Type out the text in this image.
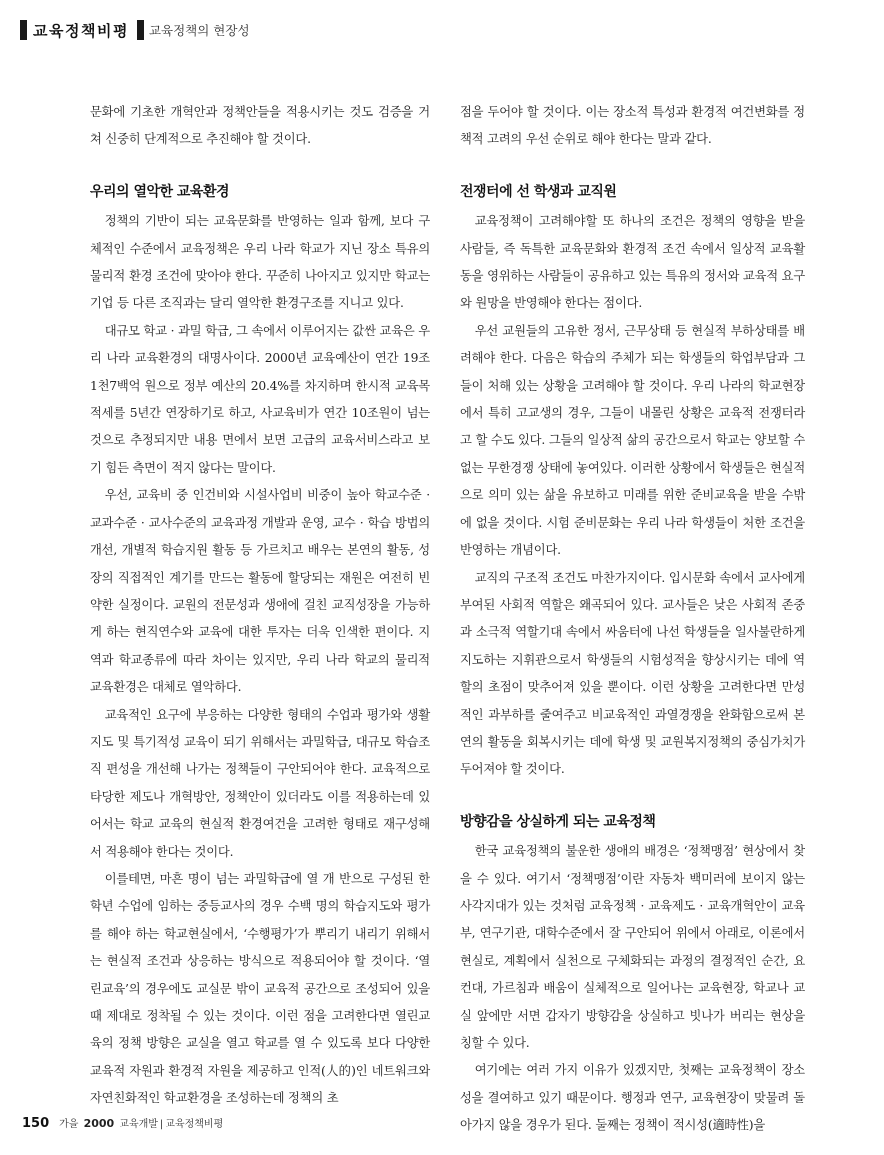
교육정책비평 교육정책의 현장성

문화에 기초한 개혁안과 정책안들을 적용시키는 것도 검증을 거쳐 신중히 단계적으로 추진해야 할 것이다.

우리의 열악한 교육환경

정책의 기반이 되는 교육문화를 반영하는 일과 함께, 보다 구체적인 수준에서 교육정책은 우리 나라 학교가 지닌 장소 특유의 물리적 환경 조건에 맞아야 한다. 꾸준히 나아지고 있지만 학교는 기업 등 다른 조직과는 달리 열악한 환경구조를 지니고 있다.

대규모 학교 · 과밀 학급, 그 속에서 이루어지는 값싼 교육은 우리 나라 교육환경의 대명사이다. 2000년 교육예산이 연간 19조 1천7백억 원으로 정부 예산의 20.4%를 차지하며 한시적 교육목적세를 5년간 연장하기로 하고, 사교육비가 연간 10조원이 넘는 것으로 추정되지만 내용 면에서 보면 고급의 교육서비스라고 보기 힘든 측면이 적지 않다는 말이다.

우선, 교육비 중 인건비와 시설사업비 비중이 높아 학교수준 · 교과수준 · 교사수준의 교육과정 개발과 운영, 교수 · 학습 방법의 개선, 개별적 학습지원 활동 등 가르치고 배우는 본연의 활동, 성장의 직접적인 계기를 만드는 활동에 할당되는 재원은 여전히 빈약한 실정이다. 교원의 전문성과 생애에 걸친 교직성장을 가능하게 하는 현직연수와 교육에 대한 투자는 더욱 인색한 편이다. 지역과 학교종류에 따라 차이는 있지만, 우리 나라 학교의 물리적 교육환경은 대체로 열악하다.

교육적인 요구에 부응하는 다양한 형태의 수업과 평가와 생활지도 및 특기적성 교육이 되기 위해서는 과밀학급, 대규모 학습조직 편성을 개선해 나가는 정책들이 구안되어야 한다. 교육적으로 타당한 제도나 개혁방안, 정책안이 있더라도 이를 적용하는데 있어서는 학교 교육의 현실적 환경여건을 고려한 형태로 재구성해서 적용해야 한다는 것이다.

이를테면, 마흔 명이 넘는 과밀학급에 열 개 반으로 구성된 한 학년 수업에 임하는 중등교사의 경우 수백 명의 학습지도와 평가를 해야 하는 학교현실에서, ‘수행평가’가 뿌리기 내리기 위해서는 현실적 조건과 상응하는 방식으로 적용되어야 할 것이다. ‘열린교육’의 경우에도 교실문 밖이 교육적 공간으로 조성되어 있을 때 제대로 정착될 수 있는 것이다. 이런 점을 고려한다면 열린교육의 정책 방향은 교실을 열고 학교를 열 수 있도록 보다 다양한 교육적 자원과 환경적 자원을 제공하고 인적(人的)인 네트워크와 자연친화적인 학교환경을 조성하는데 정책의 초

점을 두어야 할 것이다. 이는 장소적 특성과 환경적 여건변화를 정책적 고려의 우선 순위로 해야 한다는 말과 같다.

전쟁터에 선 학생과 교직원

교육정책이 고려해야할 또 하나의 조건은 정책의 영향을 받을 사람들, 즉 독특한 교육문화와 환경적 조건 속에서 일상적 교육활동을 영위하는 사람들이 공유하고 있는 특유의 정서와 교육적 요구와 원망을 반영해야 한다는 점이다.

우선 교원들의 고유한 정서, 근무상태 등 현실적 부하상태를 배려해야 한다. 다음은 학습의 주체가 되는 학생들의 학업부담과 그들이 처해 있는 상황을 고려해야 할 것이다. 우리 나라의 학교현장에서 특히 고교생의 경우, 그들이 내몰린 상황은 교육적 전쟁터라고 할 수도 있다. 그들의 일상적 삶의 공간으로서 학교는 양보할 수 없는 무한경쟁 상태에 놓여있다. 이러한 상황에서 학생들은 현실적으로 의미 있는 삶을 유보하고 미래를 위한 준비교육을 받을 수밖에 없을 것이다. 시험 준비문화는 우리 나라 학생들이 처한 조건을 반영하는 개념이다.

교직의 구조적 조건도 마찬가지이다. 입시문화 속에서 교사에게 부여된 사회적 역할은 왜곡되어 있다. 교사들은 낮은 사회적 존중과 소극적 역할기대 속에서 싸움터에 나선 학생들을 일사불란하게 지도하는 지휘관으로서 학생들의 시험성적을 향상시키는 데에 역할의 초점이 맞추어져 있을 뿐이다. 이런 상황을 고려한다면 만성적인 과부하를 줄여주고 비교육적인 과열경쟁을 완화함으로써 본연의 활동을 회복시키는 데에 학생 및 교원복지정책의 중심가치가 두어져야 할 것이다.

방향감을 상실하게 되는 교육정책

한국 교육정책의 불운한 생애의 배경은 ‘정책맹점’ 현상에서 찾을 수 있다. 여기서 ‘정책맹점’이란 자동차 백미러에 보이지 않는 사각지대가 있는 것처럼 교육정책 · 교육제도 · 교육개혁안이 교육부, 연구기관, 대학수준에서 잘 구안되어 위에서 아래로, 이론에서 현실로, 계획에서 실천으로 구체화되는 과정의 결정적인 순간, 요컨대, 가르침과 배움이 실체적으로 일어나는 교육현장, 학교나 교실 앞에만 서면 갑자기 방향감을 상실하고 빗나가 버리는 현상을 칭할 수 있다.

여기에는 여러 가지 이유가 있겠지만, 첫째는 교육정책이 장소성을 결여하고 있기 때문이다. 행정과 연구, 교육현장이 맞물려 돌아가지 않을 경우가 된다. 둘째는 정책이 적시성(適時性)을

150 가을
2000
교육개발 | 교육정책비평
